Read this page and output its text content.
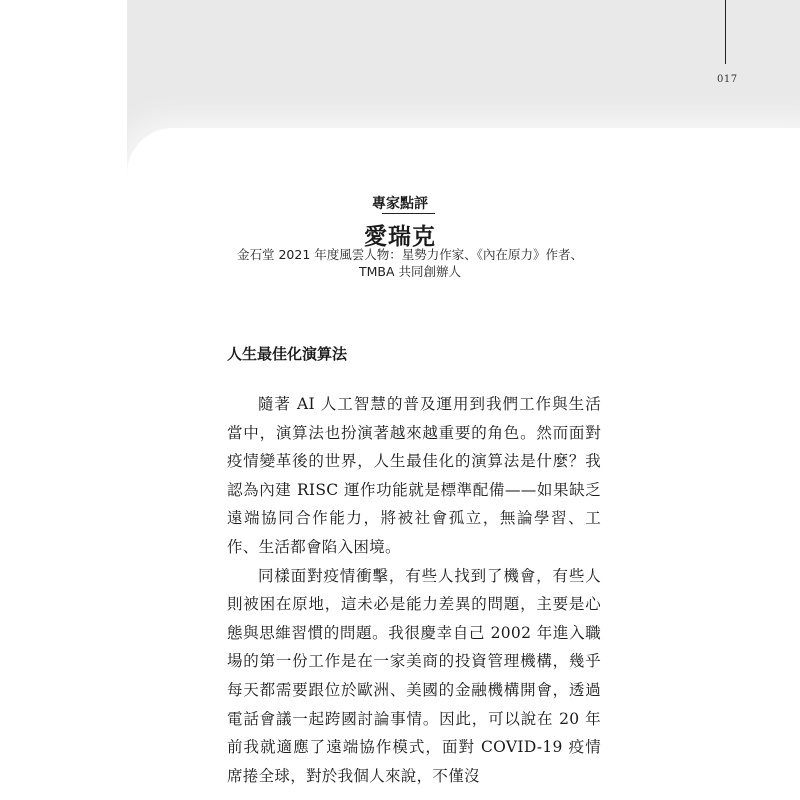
017
專家點評
愛瑞克
金石堂 2021 年度風雲人物：星勢力作家、《內在原力》作者、TMBA 共同創辦人
人生最佳化演算法

隨著 AI 人工智慧的普及運用到我們工作與生活當中，演算法也扮演著越來越重要的角色。然而面對疫情變革後的世界，人生最佳化的演算法是什麼？我認為內建 RISC 運作功能就是標準配備——如果缺乏遠端協同合作能力，將被社會孤立，無論學習、工作、生活都會陷入困境。

同樣面對疫情衝擊，有些人找到了機會，有些人則被困在原地，這未必是能力差異的問題，主要是心態與思維習慣的問題。我很慶幸自己 2002 年進入職場的第一份工作是在一家美商的投資管理機構，幾乎每天都需要跟位於歐洲、美國的金融機構開會，透過電話會議一起跨國討論事情。因此，可以說在 20 年前我就適應了遠端協作模式，面對 COVID-19 疫情席捲全球，對於我個人來說，不僅沒
